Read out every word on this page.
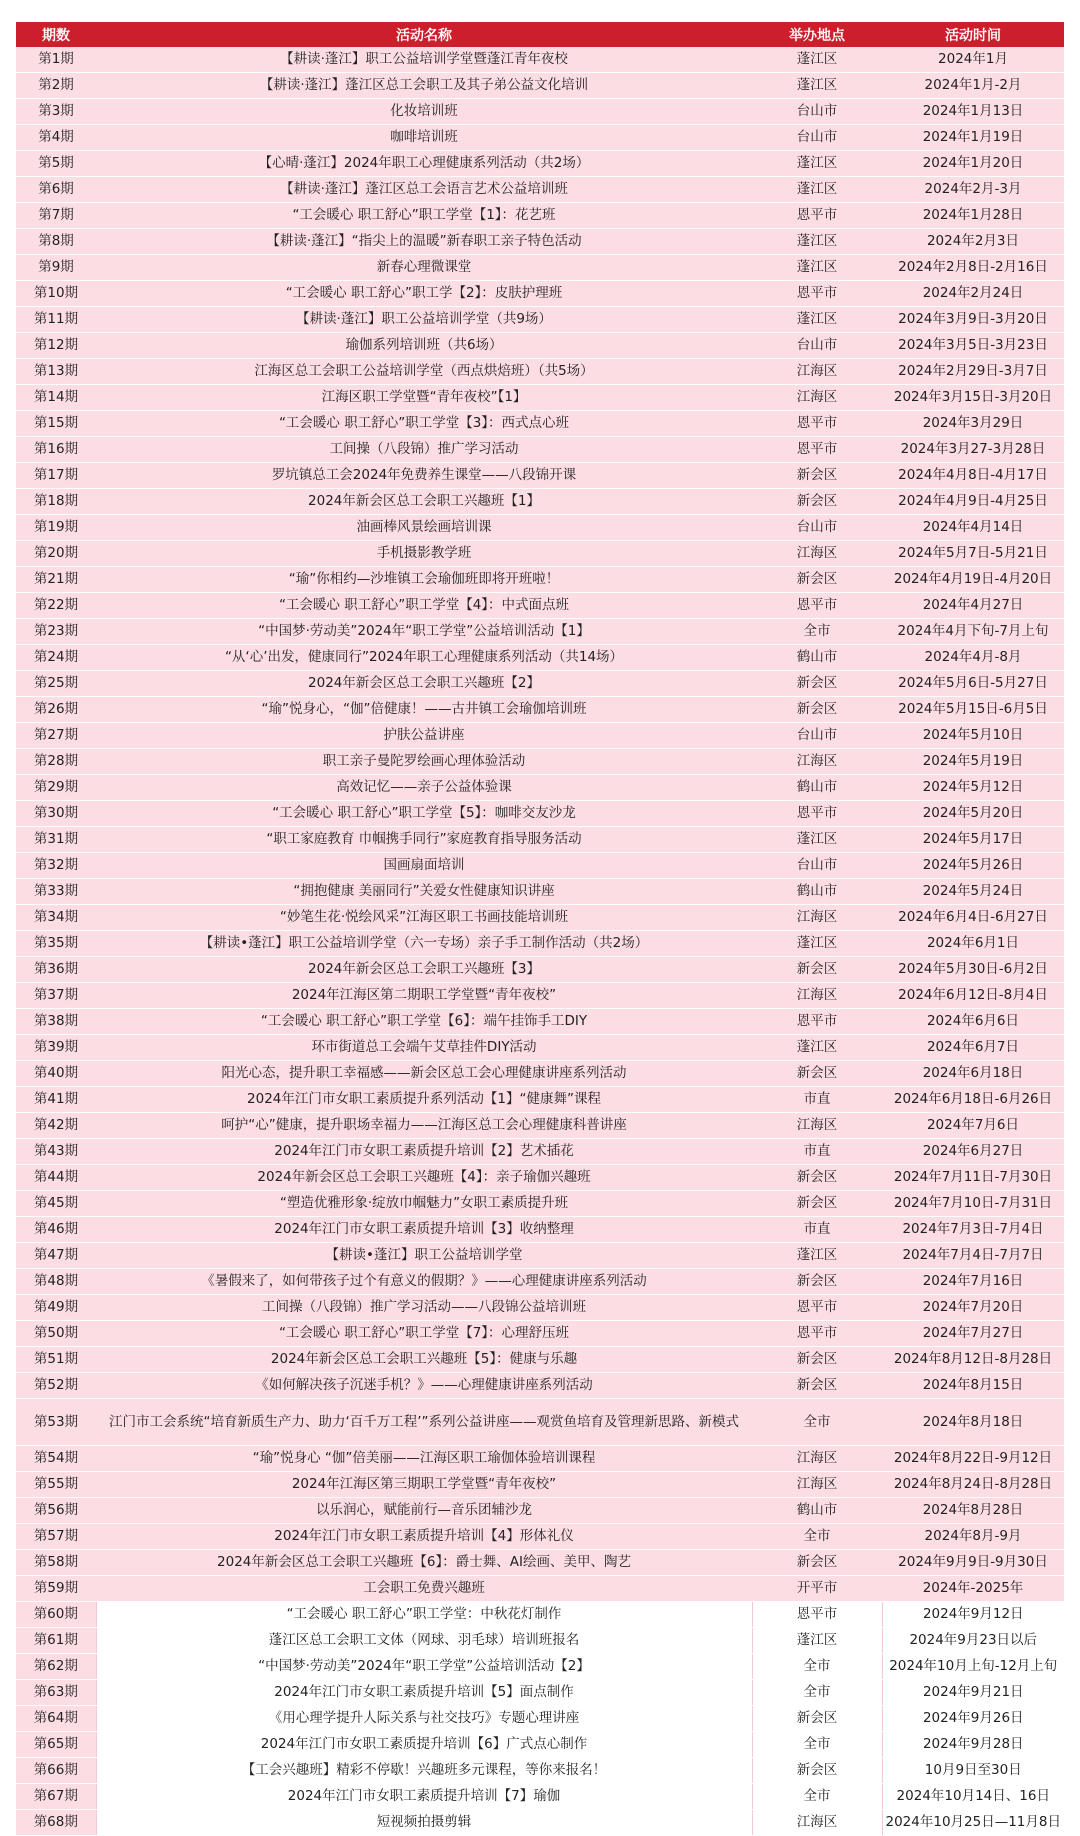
期数	活动名称	举办地点	活动时间
第1期	【耕读·蓬江】职工公益培训学堂暨蓬江青年夜校	蓬江区	2024年1月
第2期	【耕读·蓬江】蓬江区总工会职工及其子弟公益文化培训	蓬江区	2024年1月-2月
第3期	化妆培训班	台山市	2024年1月13日
第4期	咖啡培训班	台山市	2024年1月19日
第5期	【心晴·蓬江】2024年职工心理健康系列活动（共2场）	蓬江区	2024年1月20日
第6期	【耕读·蓬江】蓬江区总工会语言艺术公益培训班	蓬江区	2024年2月-3月
第7期	“工会暖心 职工舒心”职工学堂【1】：花艺班	恩平市	2024年1月28日
第8期	【耕读·蓬江】“指尖上的温暖”新春职工亲子特色活动	蓬江区	2024年2月3日
第9期	新春心理微课堂	蓬江区	2024年2月8日-2月16日
第10期	“工会暖心 职工舒心”职工学【2】：皮肤护理班	恩平市	2024年2月24日
第11期	【耕读·蓬江】职工公益培训学堂（共9场）	蓬江区	2024年3月9日-3月20日
第12期	瑜伽系列培训班（共6场）	台山市	2024年3月5日-3月23日
第13期	江海区总工会职工公益培训学堂（西点烘焙班）（共5场）	江海区	2024年2月29日-3月7日
第14期	江海区职工学堂暨“青年夜校”【1】	江海区	2024年3月15日-3月20日
第15期	“工会暖心 职工舒心”职工学堂【3】：西式点心班	恩平市	2024年3月29日
第16期	工间操（八段锦）推广学习活动	恩平市	2024年3月27-3月28日
第17期	罗坑镇总工会2024年免费养生课堂——八段锦开课	新会区	2024年4月8日-4月17日
第18期	2024年新会区总工会职工兴趣班【1】	新会区	2024年4月9日-4月25日
第19期	油画棒风景绘画培训课	台山市	2024年4月14日
第20期	手机摄影教学班	江海区	2024年5月7日-5月21日
第21期	“瑜”你相约—沙堆镇工会瑜伽班即将开班啦！	新会区	2024年4月19日-4月20日
第22期	“工会暖心 职工舒心”职工学堂【4】：中式面点班	恩平市	2024年4月27日
第23期	“中国梦·劳动美”2024年“职工学堂”公益培训活动【1】	全市	2024年4月下旬-7月上旬
第24期	“从‘心’出发，健康同行”2024年职工心理健康系列活动（共14场）	鹤山市	2024年4月-8月
第25期	2024年新会区总工会职工兴趣班【2】	新会区	2024年5月6日-5月27日
第26期	“瑜”悦身心，“伽”倍健康！——古井镇工会瑜伽培训班	新会区	2024年5月15日-6月5日
第27期	护肤公益讲座	台山市	2024年5月10日
第28期	职工亲子曼陀罗绘画心理体验活动	江海区	2024年5月19日
第29期	高效记忆——亲子公益体验课	鹤山市	2024年5月12日
第30期	“工会暖心 职工舒心”职工学堂【5】：咖啡交友沙龙	恩平市	2024年5月20日
第31期	“职工家庭教育 巾帼携手同行”家庭教育指导服务活动	蓬江区	2024年5月17日
第32期	国画扇面培训	台山市	2024年5月26日
第33期	“拥抱健康 美丽同行”关爱女性健康知识讲座	鹤山市	2024年5月24日
第34期	“妙笔生花·悦绘风采”江海区职工书画技能培训班	江海区	2024年6月4日-6月27日
第35期	【耕读•蓬江】职工公益培训学堂（六一专场）亲子手工制作活动（共2场）	蓬江区	2024年6月1日
第36期	2024年新会区总工会职工兴趣班【3】	新会区	2024年5月30日-6月2日
第37期	2024年江海区第二期职工学堂暨“青年夜校”	江海区	2024年6月12日-8月4日
第38期	“工会暖心 职工舒心”职工学堂【6】：端午挂饰手工DIY	恩平市	2024年6月6日
第39期	环市街道总工会端午艾草挂件DIY活动	蓬江区	2024年6月7日
第40期	阳光心态，提升职工幸福感——新会区总工会心理健康讲座系列活动	新会区	2024年6月18日
第41期	2024年江门市女职工素质提升系列活动【1】“健康舞”课程	市直	2024年6月18日-6月26日
第42期	呵护“心”健康，提升职场幸福力——江海区总工会心理健康科普讲座	江海区	2024年7月6日
第43期	2024年江门市女职工素质提升培训【2】艺术插花	市直	2024年6月27日
第44期	2024年新会区总工会职工兴趣班【4】：亲子瑜伽兴趣班	新会区	2024年7月11日-7月30日
第45期	“塑造优雅形象·绽放巾帼魅力”女职工素质提升班	新会区	2024年7月10日-7月31日
第46期	2024年江门市女职工素质提升培训【3】收纳整理	市直	2024年7月3日-7月4日
第47期	【耕读•蓬江】职工公益培训学堂	蓬江区	2024年7月4日-7月7日
第48期	《暑假来了，如何带孩子过个有意义的假期？》——心理健康讲座系列活动	新会区	2024年7月16日
第49期	工间操（八段锦）推广学习活动——八段锦公益培训班	恩平市	2024年7月20日
第50期	“工会暖心 职工舒心”职工学堂【7】：心理舒压班	恩平市	2024年7月27日
第51期	2024年新会区总工会职工兴趣班【5】：健康与乐趣	新会区	2024年8月12日-8月28日
第52期	《如何解决孩子沉迷手机？》——心理健康讲座系列活动	新会区	2024年8月15日
第53期	江门市工会系统“培育新质生产力、助力‘百千万工程’”系列公益讲座——观赏鱼培育及管理新思路、新模式	全市	2024年8月18日
第54期	“瑜”悦身心 “伽”倍美丽——江海区职工瑜伽体验培训课程	江海区	2024年8月22日-9月12日
第55期	2024年江海区第三期职工学堂暨“青年夜校”	江海区	2024年8月24日-8月28日
第56期	以乐润心，赋能前行—音乐团辅沙龙	鹤山市	2024年8月28日
第57期	2024年江门市女职工素质提升培训【4】形体礼仪	全市	2024年8月-9月
第58期	2024年新会区总工会职工兴趣班【6】：爵士舞、AI绘画、美甲、陶艺	新会区	2024年9月9日-9月30日
第59期	工会职工免费兴趣班	开平市	2024年-2025年
第60期	“工会暖心 职工舒心”职工学堂：中秋花灯制作	恩平市	2024年9月12日
第61期	蓬江区总工会职工文体（网球、羽毛球）培训班报名	蓬江区	2024年9月23日以后
第62期	“中国梦·劳动美”2024年“职工学堂”公益培训活动【2】	全市	2024年10月上旬-12月上旬
第63期	2024年江门市女职工素质提升培训【5】面点制作	全市	2024年9月21日
第64期	《用心理学提升人际关系与社交技巧》专题心理讲座	新会区	2024年9月26日
第65期	2024年江门市女职工素质提升培训【6】广式点心制作	全市	2024年9月28日
第66期	【工会兴趣班】精彩不停歇！兴趣班多元课程，等你来报名！	新会区	10月9日至30日
第67期	2024年江门市女职工素质提升培训【7】瑜伽	全市	2024年10月14日、16日
第68期	短视频拍摄剪辑	江海区	2024年10月25日—11月8日
